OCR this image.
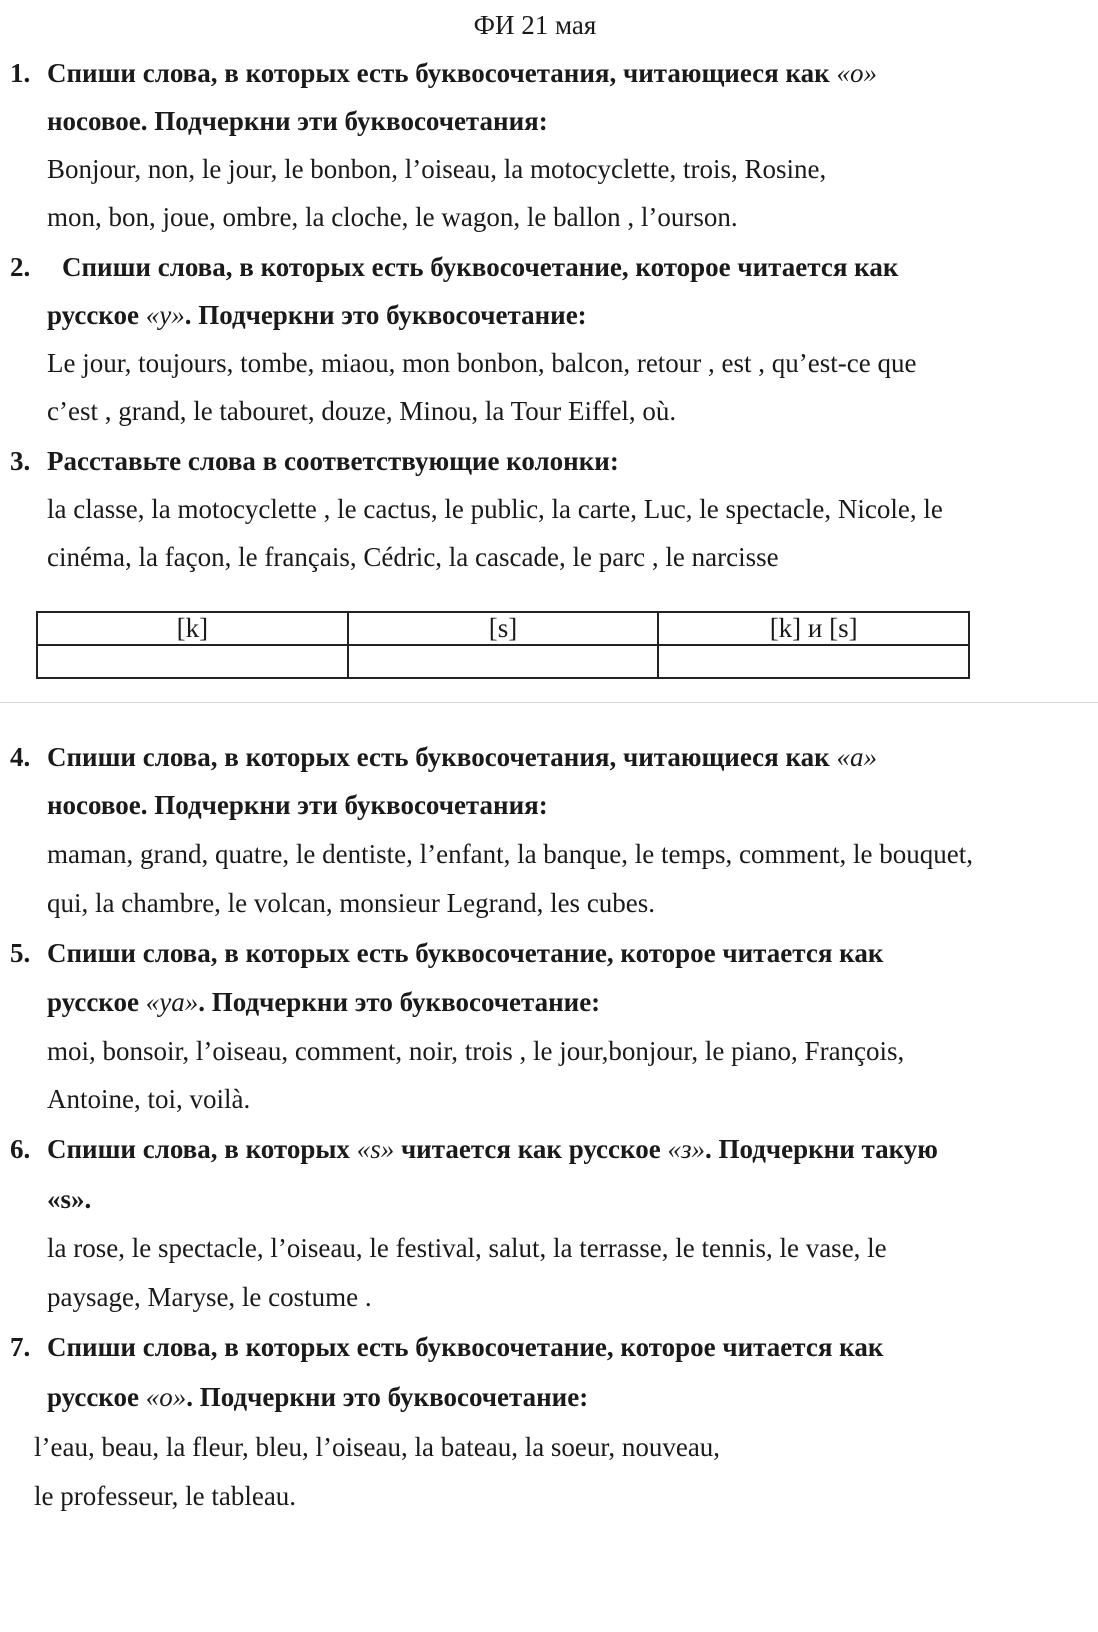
ФИ 21 мая
1. Спиши слова, в которых есть буквосочетания, читающиеся как «о»
носовое. Подчеркни эти буквосочетания:
Bonjour, non, le jour, le bonbon, l’oiseau, la motocyclette, trois, Rosine,
mon, bon, joue, ombre, la cloche, le wagon, le ballon , l’ourson.
2. Спиши слова, в которых есть буквосочетание, которое читается как
русское «у». Подчеркни это буквосочетание:
Le jour, toujours, tombe, miaou, mon bonbon, balcon, retour , est , qu’est-ce que
c’est , grand, le tabouret, douze, Minou, la Tour Eiffel, où.
3. Расставьте слова в соответствующие колонки:
la classe, la motocyclette , le cactus, le public, la carte, Luc, le spectacle, Nicole, le
cinéma, la façon, le français, Cédric, la cascade, le parc , le narcisse
[k]	[s]	[k] и [s]

4. Спиши слова, в которых есть буквосочетания, читающиеся как «а»
носовое. Подчеркни эти буквосочетания:
maman, grand, quatre, le dentiste, l’enfant, la banque, le temps, comment, le bouquet,
qui, la chambre, le volcan, monsieur Legrand, les cubes.
5. Спиши слова, в которых есть буквосочетание, которое читается как
русское «уа». Подчеркни это буквосочетание:
moi, bonsoir, l’oiseau, comment, noir, trois , le jour,bonjour, le piano, François,
Antoine, toi, voilà.
6. Спиши слова, в которых «s» читается как русское «з». Подчеркни такую
«s».
la rose, le spectacle, l’oiseau, le festival, salut, la terrasse, le tennis, le vase, le
paysage, Maryse, le costume .
7. Спиши слова, в которых есть буквосочетание, которое читается как
русское «о». Подчеркни это буквосочетание:
l’eau, beau, la fleur, bleu, l’oiseau, la bateau, la soeur, nouveau,
le professeur, le tableau.
